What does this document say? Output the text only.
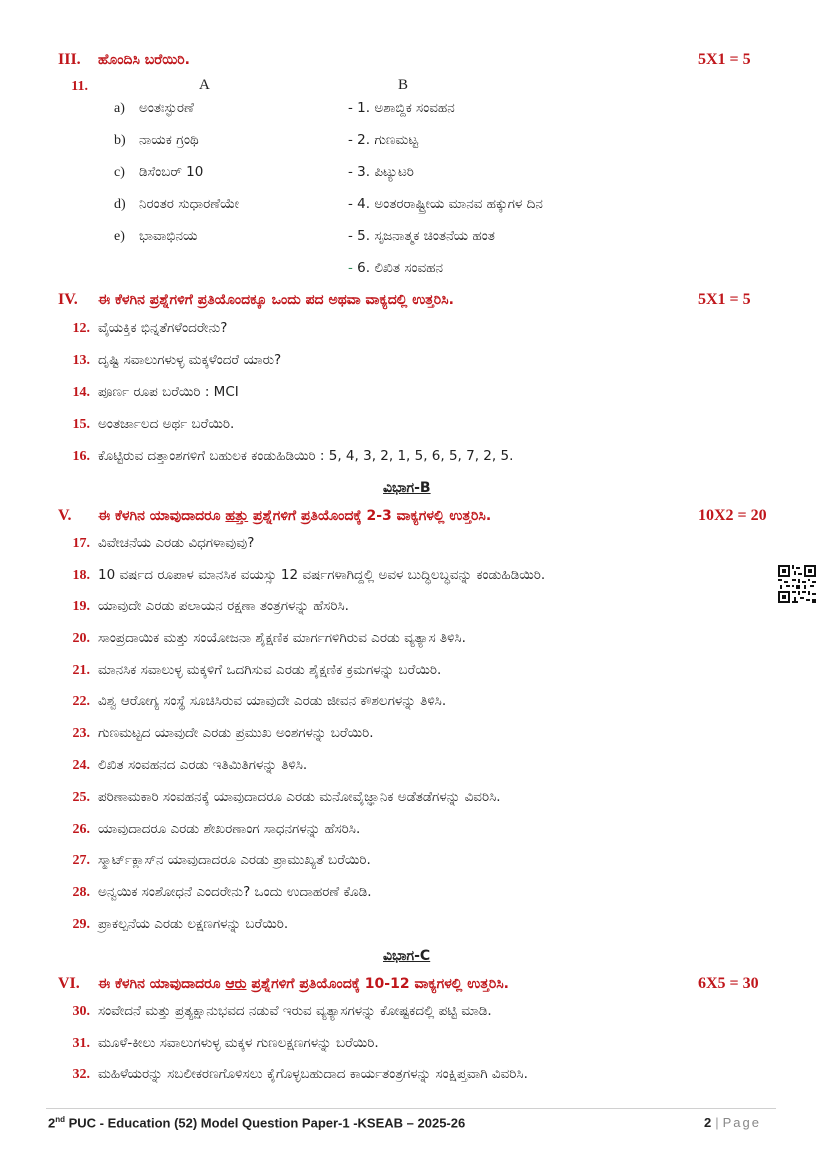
III. ಹೊಂದಿಸಿ ಬರೆಯಿರಿ.	5X1 = 5
11.	A	B
a) ಅಂತಃಸ್ಫುರಣೆ	- 1. ಅಶಾಬ್ದಿಕ ಸಂವಹನ
b) ನಾಯಕ ಗ್ರಂಥಿ	- 2. ಗುಣಮಟ್ಟ
c) ಡಿಸೆಂಬರ್ 10	- 3. ಪಿಟ್ಯುಟರಿ
d) ನಿರಂತರ ಸುಧಾರಣೆಯೇ	- 4. ಅಂತರರಾಷ್ಟ್ರೀಯ ಮಾನವ ಹಕ್ಕುಗಳ ದಿನ
e) ಭಾವಾಭಿನಯ	- 5. ಸೃಜನಾತ್ಮಕ ಚಿಂತನೆಯ ಹಂತ
- 6. ಲಿಖಿತ ಸಂವಹನ
IV. ಈ ಕೆಳಗಿನ ಪ್ರಶ್ನೆಗಳಿಗೆ ಪ್ರತಿಯೊಂದಕ್ಕೂ ಒಂದು ಪದ ಅಥವಾ ವಾಕ್ಯದಲ್ಲಿ ಉತ್ತರಿಸಿ.	5X1 = 5
12. ವೈಯಕ್ತಿಕ ಭಿನ್ನತೆಗಳೆಂದರೇನು?
13. ದೃಷ್ಟಿ ಸವಾಲುಗಳುಳ್ಳ ಮಕ್ಕಳೆಂದರೆ ಯಾರು?
14. ಪೂರ್ಣ ರೂಪ ಬರೆಯಿರಿ : MCI
15. ಅಂತರ್ಜಾಲದ ಅರ್ಥ ಬರೆಯಿರಿ.
16. ಕೊಟ್ಟಿರುವ ದತ್ತಾಂಶಗಳಿಗೆ ಬಹುಲಕ ಕಂಡುಹಿಡಿಯಿರಿ : 5, 4, 3, 2, 1, 5, 6, 5, 7, 2, 5.
ವಿಭಾಗ-B
V. ಈ ಕೆಳಗಿನ ಯಾವುದಾದರೂ ಹತ್ತು ಪ್ರಶ್ನೆಗಳಿಗೆ ಪ್ರತಿಯೊಂದಕ್ಕೆ 2-3 ವಾಕ್ಯಗಳಲ್ಲಿ ಉತ್ತರಿಸಿ.	10X2 = 20
17. ವಿವೇಚನೆಯ ಎರಡು ವಿಧಗಳಾವುವು?
18. 10 ವರ್ಷದ ರೂಪಾಳ ಮಾನಸಿಕ ವಯಸ್ಸು 12 ವರ್ಷಗಳಾಗಿದ್ದಲ್ಲಿ ಅವಳ ಬುದ್ಧಿಲಬ್ಧವನ್ನು ಕಂಡುಹಿಡಿಯಿರಿ.
19. ಯಾವುದೇ ಎರಡು ಪಲಾಯನ ರಕ್ಷಣಾ ತಂತ್ರಗಳನ್ನು ಹೆಸರಿಸಿ.
20. ಸಾಂಪ್ರದಾಯಿಕ ಮತ್ತು ಸಂಯೋಜನಾ ಶೈಕ್ಷಣಿಕ ಮಾರ್ಗಗಳಿಗಿರುವ ಎರಡು ವ್ಯತ್ಯಾಸ ತಿಳಿಸಿ.
21. ಮಾನಸಿಕ ಸವಾಲುಳ್ಳ ಮಕ್ಕಳಿಗೆ ಒದಗಿಸುವ ಎರಡು ಶೈಕ್ಷಣಿಕ ಕ್ರಮಗಳನ್ನು ಬರೆಯಿರಿ.
22. ವಿಶ್ವ ಆರೋಗ್ಯ ಸಂಸ್ಥೆ ಸೂಚಿಸಿರುವ ಯಾವುದೇ ಎರಡು ಜೀವನ ಕೌಶಲಗಳನ್ನು ತಿಳಿಸಿ.
23. ಗುಣಮಟ್ಟದ ಯಾವುದೇ ಎರಡು ಪ್ರಮುಖ ಅಂಶಗಳನ್ನು ಬರೆಯಿರಿ.
24. ಲಿಖಿತ ಸಂವಹನದ ಎರಡು ಇತಿಮಿತಿಗಳನ್ನು ತಿಳಿಸಿ.
25. ಪರಿಣಾಮಕಾರಿ ಸಂವಹನಕ್ಕೆ ಯಾವುದಾದರೂ ಎರಡು ಮನೋವೈಜ್ಞಾನಿಕ ಅಡೆತಡೆಗಳನ್ನು ವಿವರಿಸಿ.
26. ಯಾವುದಾದರೂ ಎರಡು ಶೇಖರಣಾಂಗ ಸಾಧನಗಳನ್ನು ಹೆಸರಿಸಿ.
27. ಸ್ಮಾರ್ಟ್‌ಕ್ಲಾಸ್‌ನ ಯಾವುದಾದರೂ ಎರಡು ಪ್ರಾಮುಖ್ಯತೆ ಬರೆಯಿರಿ.
28. ಅನ್ವಯಿಕ ಸಂಶೋಧನೆ ಎಂದರೇನು? ಒಂದು ಉದಾಹರಣೆ ಕೊಡಿ.
29. ಪ್ರಾಕಲ್ಪನೆಯ ಎರಡು ಲಕ್ಷಣಗಳನ್ನು ಬರೆಯಿರಿ.
ವಿಭಾಗ-C
VI. ಈ ಕೆಳಗಿನ ಯಾವುದಾದರೂ ಆರು ಪ್ರಶ್ನೆಗಳಿಗೆ ಪ್ರತಿಯೊಂದಕ್ಕೆ 10-12 ವಾಕ್ಯಗಳಲ್ಲಿ ಉತ್ತರಿಸಿ.	6X5 = 30
30. ಸಂವೇದನೆ ಮತ್ತು ಪ್ರತ್ಯಕ್ಷಾನುಭವದ ನಡುವೆ ಇರುವ ವ್ಯತ್ಯಾಸಗಳನ್ನು ಕೋಷ್ಟಕದಲ್ಲಿ ಪಟ್ಟಿ ಮಾಡಿ.
31. ಮೂಳೆ-ಕೀಲು ಸವಾಲುಗಳುಳ್ಳ ಮಕ್ಕಳ ಗುಣಲಕ್ಷಣಗಳನ್ನು ಬರೆಯಿರಿ.
32. ಮಹಿಳೆಯರನ್ನು ಸಬಲೀಕರಣಗೊಳಿಸಲು ಕೈಗೊಳ್ಳಬಹುದಾದ ಕಾರ್ಯತಂತ್ರಗಳನ್ನು ಸಂಕ್ಷಿಪ್ತವಾಗಿ ವಿವರಿಸಿ.
2nd PUC - Education (52) Model Question Paper-1 -KSEAB – 2025-26	2 | Page
